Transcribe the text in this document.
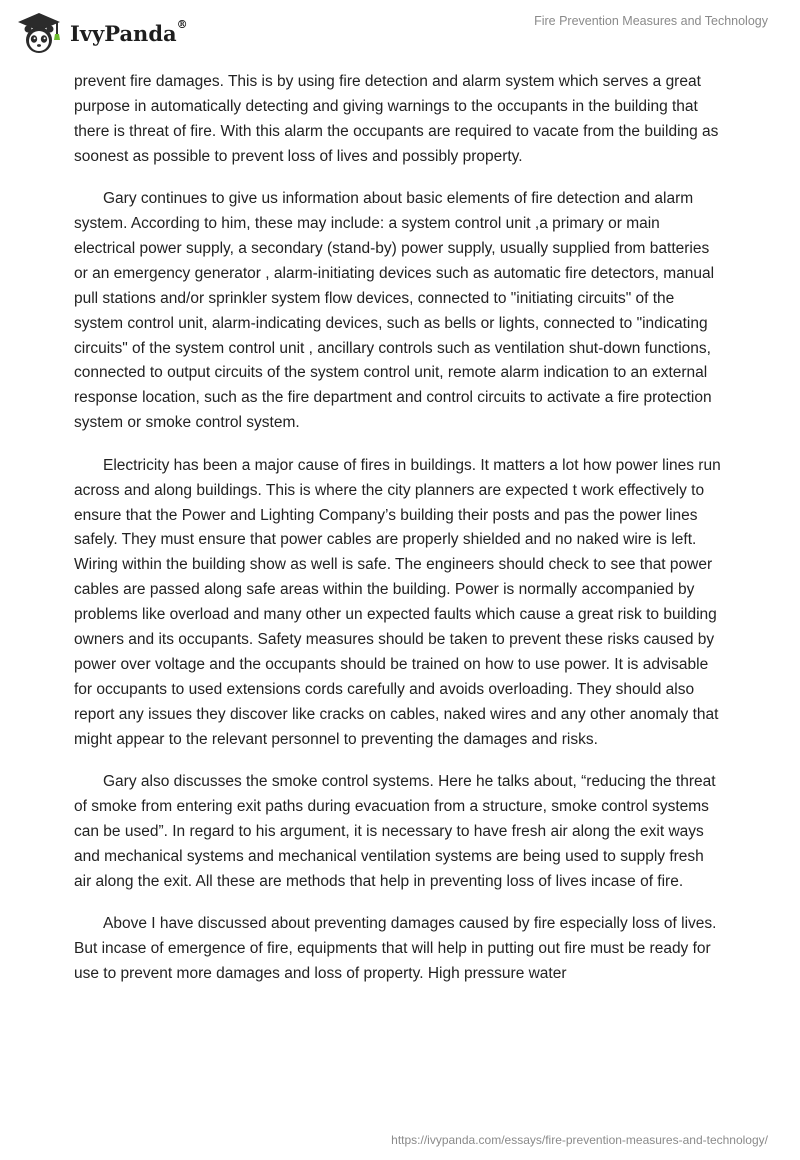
IvyPanda®	Fire Prevention Measures and Technology

prevent fire damages. This is by using fire detection and alarm system which serves a great purpose in automatically detecting and giving warnings to the occupants in the building that there is threat of fire. With this alarm the occupants are required to vacate from the building as soonest as possible to prevent loss of lives and possibly property.

Gary continues to give us information about basic elements of fire detection and alarm system. According to him, these may include: a system control unit ,a primary or main electrical power supply, a secondary (stand-by) power supply, usually supplied from batteries or an emergency generator , alarm-initiating devices such as automatic fire detectors, manual pull stations and/or sprinkler system flow devices, connected to "initiating circuits" of the system control unit, alarm-indicating devices, such as bells or lights, connected to "indicating circuits" of the system control unit , ancillary controls such as ventilation shut-down functions, connected to output circuits of the system control unit, remote alarm indication to an external response location, such as the fire department and control circuits to activate a fire protection system or smoke control system.

Electricity has been a major cause of fires in buildings. It matters a lot how power lines run across and along buildings. This is where the city planners are expected t work effectively to ensure that the Power and Lighting Company’s building their posts and pas the power lines safely. They must ensure that power cables are properly shielded and no naked wire is left. Wiring within the building show as well is safe. The engineers should check to see that power cables are passed along safe areas within the building. Power is normally accompanied by problems like overload and many other un expected faults which cause a great risk to building owners and its occupants. Safety measures should be taken to prevent these risks caused by power over voltage and the occupants should be trained on how to use power. It is advisable for occupants to used extensions cords carefully and avoids overloading. They should also report any issues they discover like cracks on cables, naked wires and any other anomaly that might appear to the relevant personnel to preventing the damages and risks.

Gary also discusses the smoke control systems. Here he talks about, “reducing the threat of smoke from entering exit paths during evacuation from a structure, smoke control systems can be used”. In regard to his argument, it is necessary to have fresh air along the exit ways and mechanical systems and mechanical ventilation systems are being used to supply fresh air along the exit. All these are methods that help in preventing loss of lives incase of fire.

Above I have discussed about preventing damages caused by fire especially loss of lives. But incase of emergence of fire, equipments that will help in putting out fire must be ready for use to prevent more damages and loss of property. High pressure water

https://ivypanda.com/essays/fire-prevention-measures-and-technology/
